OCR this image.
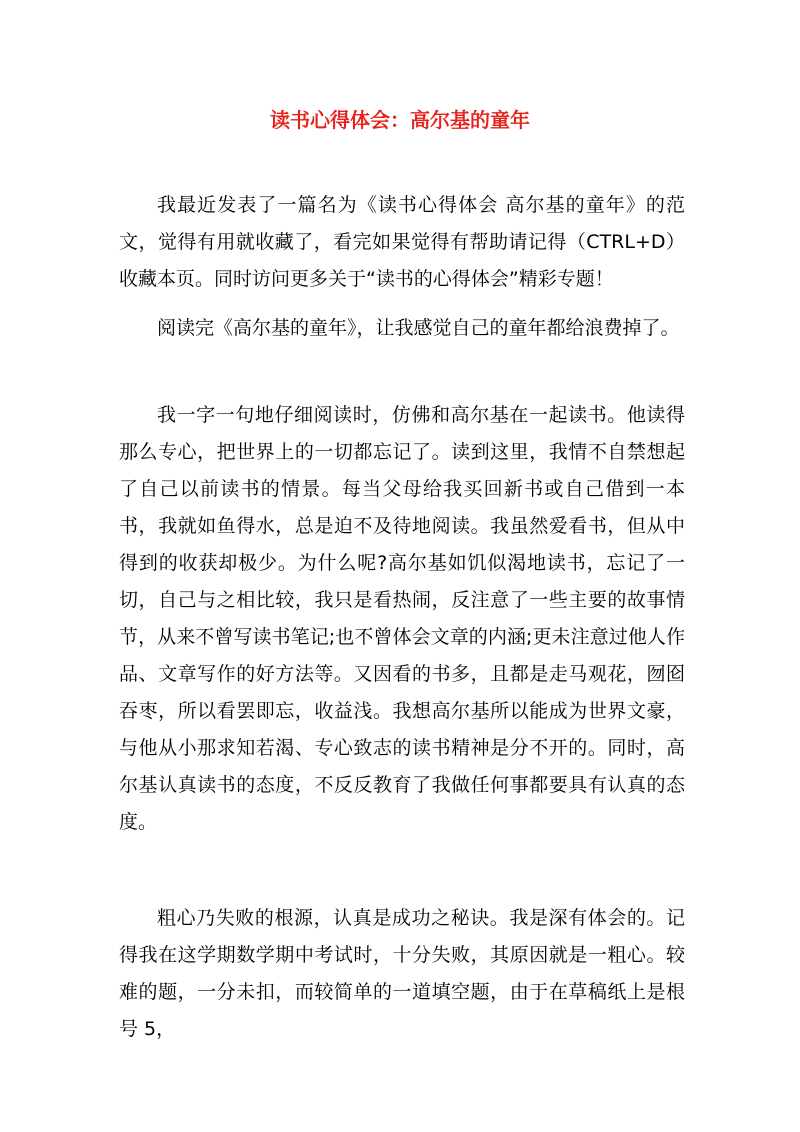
读书心得体会：高尔基的童年

我最近发表了一篇名为《读书心得体会 高尔基的童年》的范文，觉得有用就收藏了，看完如果觉得有帮助请记得（CTRL+D）收藏本页。同时访问更多关于“读书的心得体会”精彩专题！

阅读完《高尔基的童年》，让我感觉自己的童年都给浪费掉了。

我一字一句地仔细阅读时，仿佛和高尔基在一起读书。他读得那么专心，把世界上的一切都忘记了。读到这里，我情不自禁想起了自己以前读书的情景。每当父母给我买回新书或自己借到一本书，我就如鱼得水，总是迫不及待地阅读。我虽然爱看书，但从中得到的收获却极少。为什么呢?高尔基如饥似渴地读书，忘记了一切，自己与之相比较，我只是看热闹，反注意了一些主要的故事情节，从来不曾写读书笔记;也不曾体会文章的内涵;更未注意过他人作品、文章写作的好方法等。又因看的书多，且都是走马观花，囫囵吞枣，所以看罢即忘，收益浅。我想高尔基所以能成为世界文豪，与他从小那求知若渴、专心致志的读书精神是分不开的。同时，高尔基认真读书的态度，不反反教育了我做任何事都要具有认真的态度。

粗心乃失败的根源，认真是成功之秘诀。我是深有体会的。记得我在这学期数学期中考试时，十分失败，其原因就是一粗心。较难的题，一分未扣，而较简单的一道填空题，由于在草稿纸上是根号 5，
